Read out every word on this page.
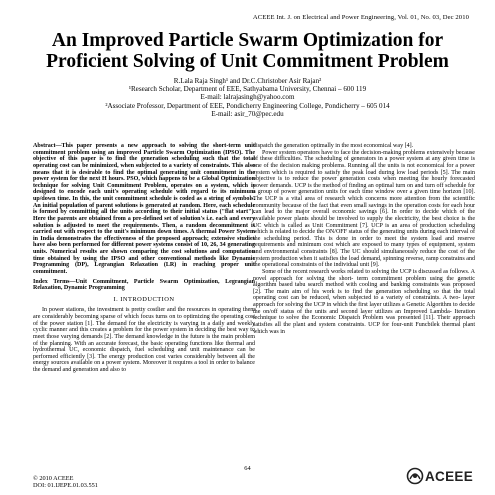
ACEEE Int. J. on Electrical and Power Engineering, Vol. 01, No. 03, Dec 2010
An Improved Particle Swarm Optimization for Proficient Solving of Unit Commitment Problem
R.Lala Raja Singh¹ and Dr.C.Christober Asir Rajan²
¹Research Scholar, Department of EEE, Sathyabama University, Chennai – 600 119
E-mail: lalrajasingh@yahoo.com
²Associate Professor, Department of EEE, Pondicherry Engineering College, Pondicherry – 605 014
E-mail: asir_70@pec.edu

Abstract—This paper presents a new approach to solving the short-term unit commitment problem using an improved Particle Swarm Optimization (IPSO). The objective of this paper is to find the generation scheduling such that the total operating cost can be minimized, when subjected to a variety of constraints. This also means that it is desirable to find the optimal generating unit commitment in the power system for the next H hours. PSO, which happens to be a Global Optimization technique for solving Unit Commitment Problem, operates on a system, which is designed to encode each unit's operating schedule with regard to its minimum up/down time. In this, the unit commitment schedule is coded as a string of symbols. An initial population of parent solutions is generated at random. Here, each schedule is formed by committing all the units according to their initial status ("flat start"). Here the parents are obtained from a pre-defined set of solution's i.e. each and every solution is adjusted to meet the requirements. Then, a random decommitment is carried out with respect to the unit's minimum down times. A thermal Power System in India demonstrates the effectiveness of the proposed approach; extensive studies have also been performed for different power systems consist of 10, 26, 34 generating units. Numerical results are shown comparing the cost solutions and computation time obtained by using the IPSO and other conventional methods like Dynamic Programming (DP), Legrangian Relaxation (LR) in reaching proper unit commitment.

Index Terms—Unit Commitment, Particle Swarm Optimization, Legrangian Relaxation, Dynamic Programming

I. INTRODUCTION

In power stations, the investment is pretty costlier and the resources in operating them are considerably becoming sparse of which focus turns on to optimizing the operating cost of the power station [1]. The demand for the electricity is varying in a daily and weekly cyclic manner and this creates a problem for the power system in deciding the best way to meet those varying demands [2]. The demand knowledge in the future is the main problem of the planning. With an accurate forecast, the basic operating functions like thermal and hydrothermal UC, economic dispatch, fuel scheduling and unit maintenance can be performed efficiently [3]. The energy production cost varies considerably between all the energy sources available on a power system. Moreover it requires a tool in order to balance the demand and generation and also to

dispatch the generation optimally in the most economical way [4].

Power system operators have to face the decision-making problems extensively because of these difficulties. The scheduling of generators in a power system at any given time is one of the decision making problems. Running all the units is not economical for a power system which is required to satisfy the peak load during low load periods [5]. The main objective is to reduce the power generation costs when meeting the hourly forecasted power demands. UCP is the method of finding an optimal turn on and turn off schedule for a group of power generation units for each time window over a given time horizon [10]. The UCP is a vital area of research which concerns more attention from the scientific community because of the fact that even small savings in the operation costs for each hour can lead to the major overall economic savings [6]. In order to decide which of the available power plants should be involved to supply the electricity, the best choice is the UC which is called as Unit Commitment [7]. UCP is an area of production scheduling which is related to decide the ON/OFF status of the generating units during each interval of the scheduling period. This is done in order to meet the system load and reserve requirements and minimum cost which are exposed to many types of equipment, system and environmental constraints [8]. The UC should simultaneously reduce the cost of the system production when it satisfies the load demand, spinning reverse, ramp constrains and the operational constraints of the individual unit [9].

Some of the recent research works related to solving the UCP is discussed as follows. A novel approach for solving the short- term commitment problem using the genetic algorithm based tabu search method with cooling and banking constraints was proposed [2]. The main aim of his work is to find the generation scheduling so that the total operating cost can be reduced, when subjected to a variety of constraints. A two- layer approach for solving the UCP in which the first layer utilizes a Genetic Algorithm to decide the on/off status of the units and second layer utilizes an Improved Lambda- Iteration technique to solve the Economic Dispatch Problem was presented [11]. Their approach satisfies all the plant and system constraints. UCP for four-unit Funcbilek thermal plant which was in

64
© 2010 ACEEE
DOI: 01.IJEPE.01.03.551
ACEEE
